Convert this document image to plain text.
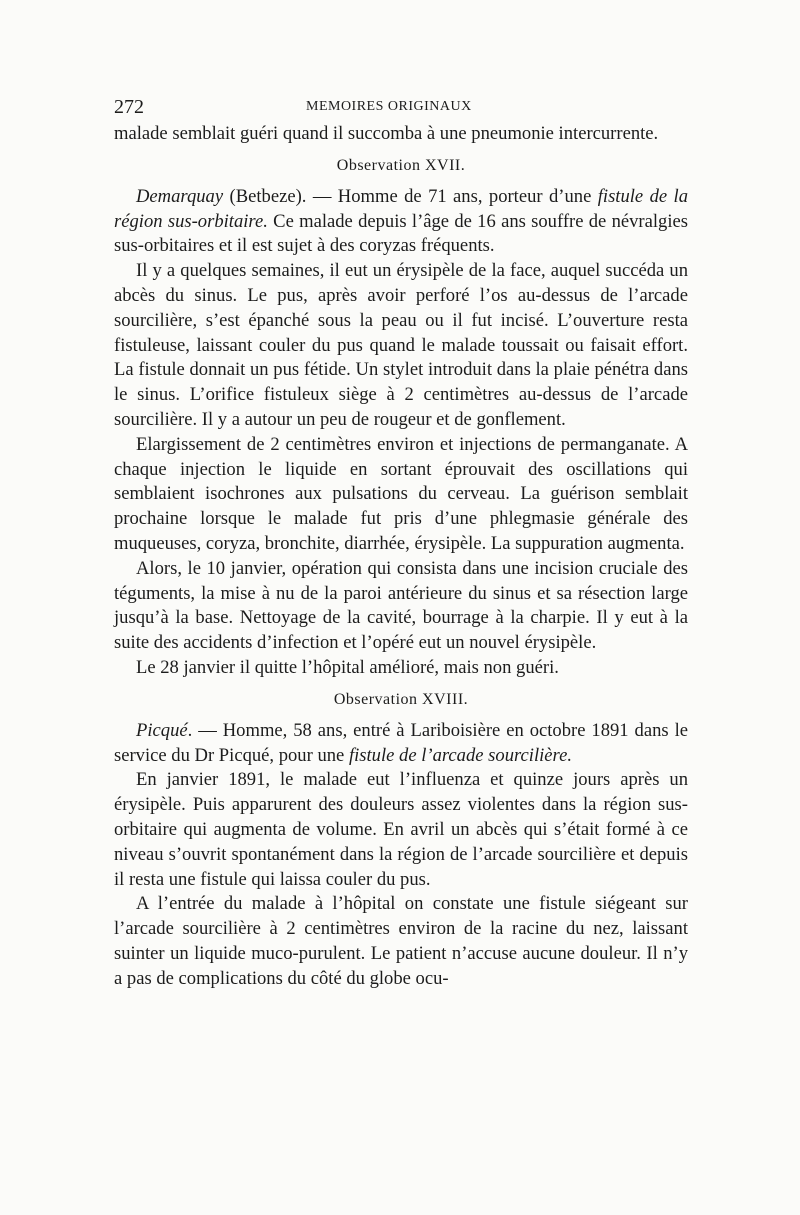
272	MEMOIRES ORIGINAUX

malade semblait guéri quand il succomba à une pneumonie intercurrente.

Observation XVII.

Demarquay (Betbeze). — Homme de 71 ans, porteur d’une fistule de la région sus-orbitaire. Ce malade depuis l’âge de 16 ans souffre de névralgies sus-orbitaires et il est sujet à des coryzas fréquents.

Il y a quelques semaines, il eut un érysipèle de la face, auquel succéda un abcès du sinus. Le pus, après avoir perforé l’os au-dessus de l’arcade sourcilière, s’est épanché sous la peau ou il fut incisé. L’ouverture resta fistuleuse, laissant couler du pus quand le malade toussait ou faisait effort. La fistule donnait un pus fétide. Un stylet introduit dans la plaie pénétra dans le sinus. L’orifice fistuleux siège à 2 centimètres au-dessus de l’arcade sourcilière. Il y a autour un peu de rougeur et de gonflement.

Elargissement de 2 centimètres environ et injections de permanganate. A chaque injection le liquide en sortant éprouvait des oscillations qui semblaient isochrones aux pulsations du cerveau. La guérison semblait prochaine lorsque le malade fut pris d’une phlegmasie générale des muqueuses, coryza, bronchite, diarrhée, érysipèle. La suppuration augmenta.

Alors, le 10 janvier, opération qui consista dans une incision cruciale des téguments, la mise à nu de la paroi antérieure du sinus et sa résection large jusqu’à la base. Nettoyage de la cavité, bourrage à la charpie. Il y eut à la suite des accidents d’infection et l’opéré eut un nouvel érysipèle.

Le 28 janvier il quitte l’hôpital amélioré, mais non guéri.

Observation XVIII.

Picqué. — Homme, 58 ans, entré à Lariboisière en octobre 1891 dans le service du Dr Picqué, pour une fistule de l’arcade sourcilière.

En janvier 1891, le malade eut l’influenza et quinze jours après un érysipèle. Puis apparurent des douleurs assez violentes dans la région sus-orbitaire qui augmenta de volume. En avril un abcès qui s’était formé à ce niveau s’ouvrit spontanément dans la région de l’arcade sourcilière et depuis il resta une fistule qui laissa couler du pus.

A l’entrée du malade à l’hôpital on constate une fistule siégeant sur l’arcade sourcilière à 2 centimètres environ de la racine du nez, laissant suinter un liquide muco-purulent. Le patient n’accuse aucune douleur. Il n’y a pas de complications du côté du globe ocu-
